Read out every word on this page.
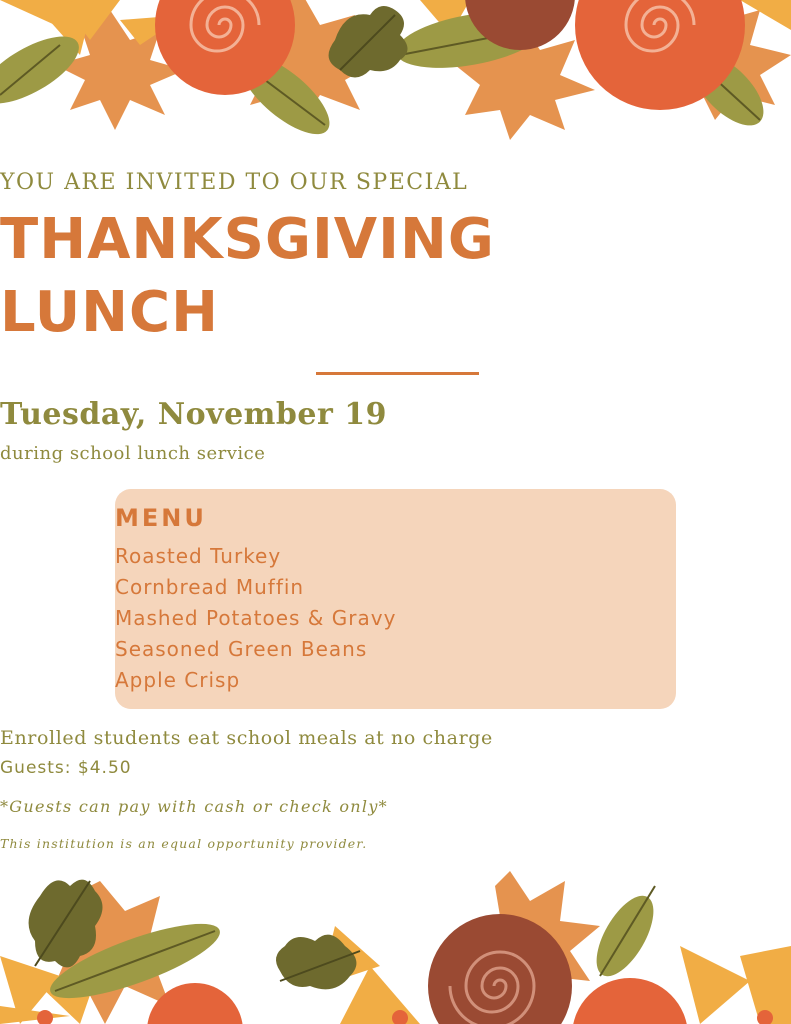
YOU ARE INVITED TO OUR SPECIAL
THANKSGIVING
LUNCH
Tuesday, November 19
during school lunch service
MENU
Roasted Turkey
Cornbread Muffin
Mashed Potatoes & Gravy
Seasoned Green Beans
Apple Crisp
Enrolled students eat school meals at no charge
Guests: $4.50
*Guests can pay with cash or check only*
This institution is an equal opportunity provider.
